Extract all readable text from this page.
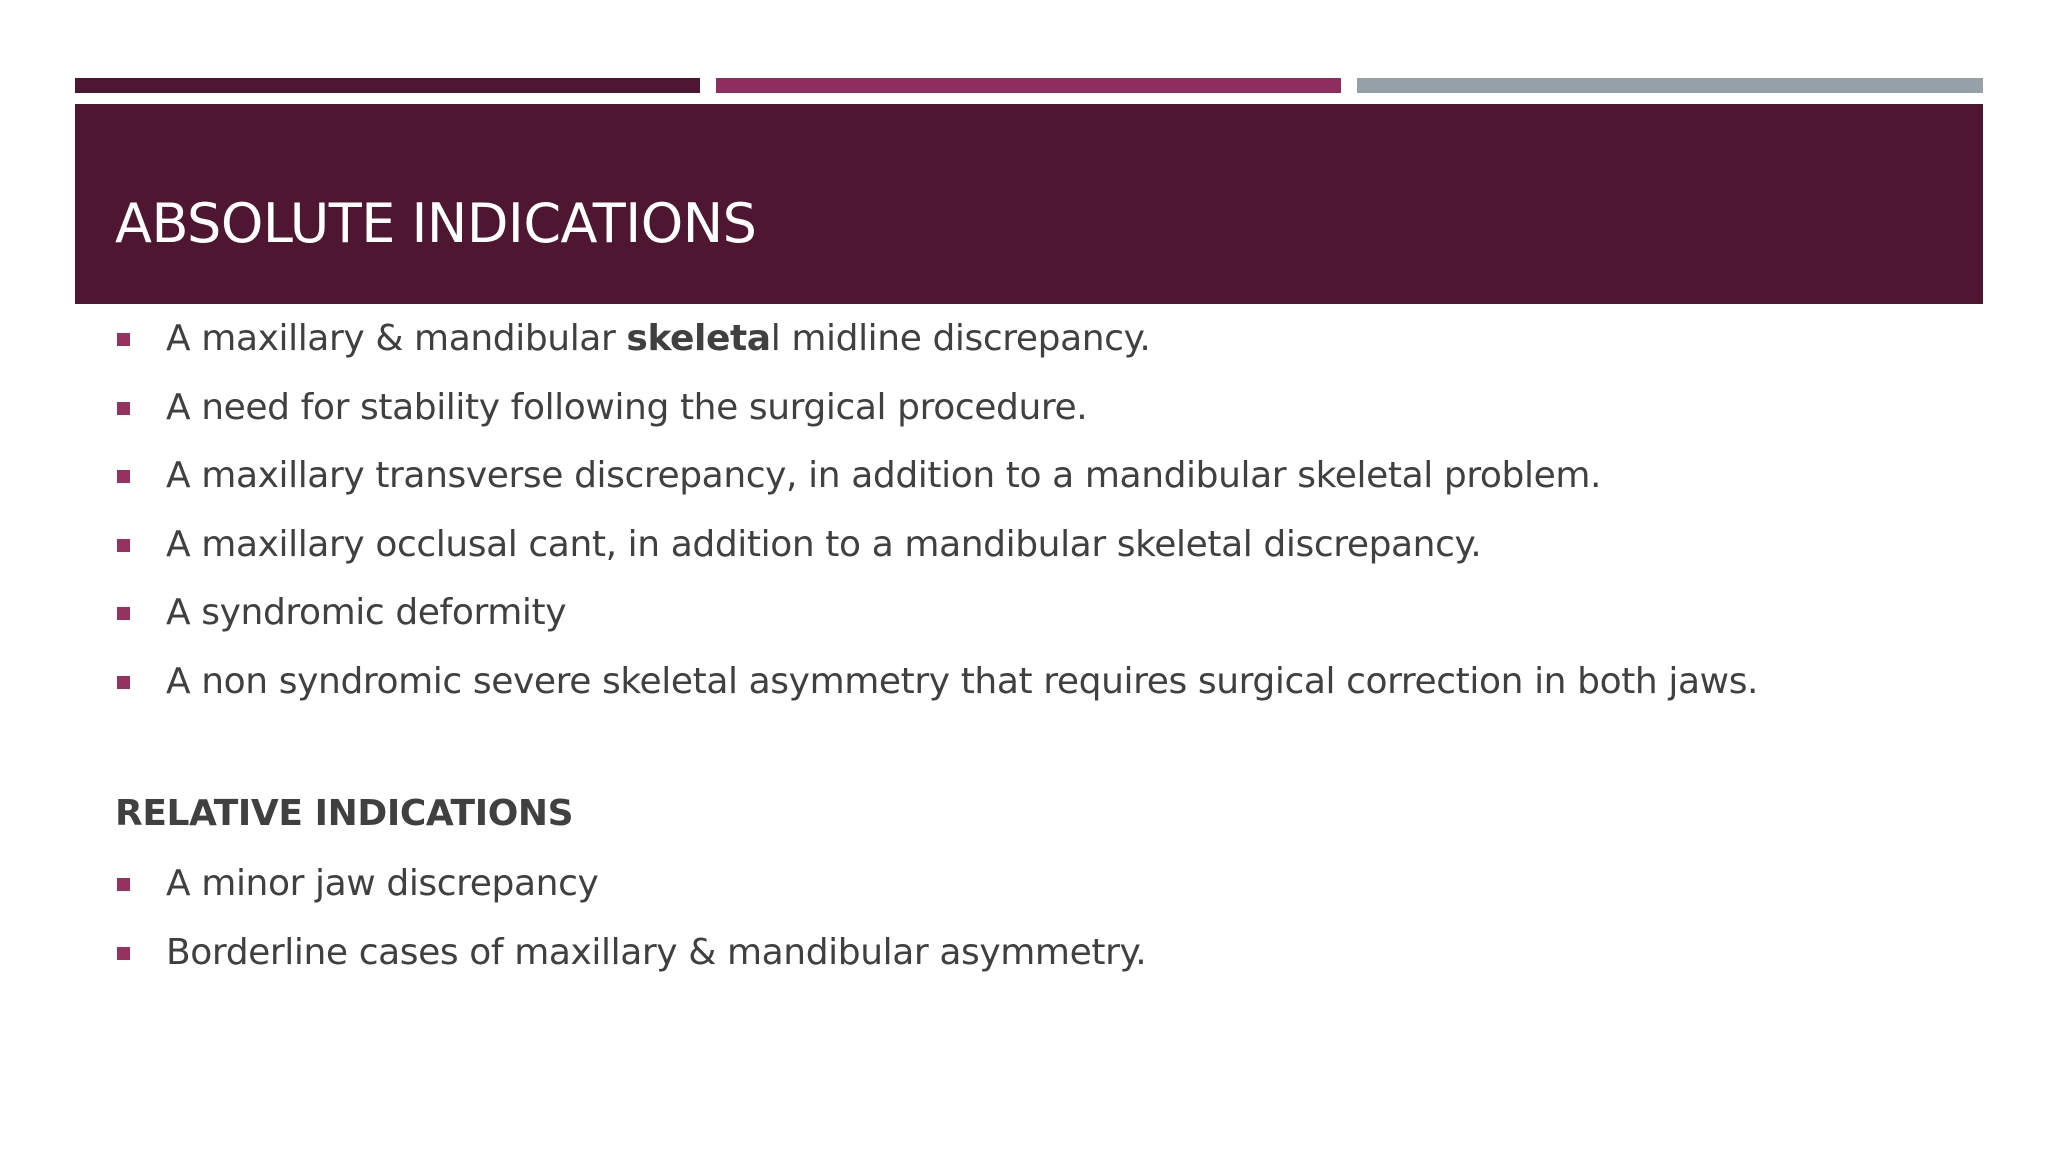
ABSOLUTE INDICATIONS
A maxillary & mandibular skeletal midline discrepancy.
A need for stability following the surgical procedure.
A maxillary transverse discrepancy, in addition to a mandibular skeletal problem.
A maxillary occlusal cant, in addition to a mandibular skeletal discrepancy.
A syndromic deformity
A non syndromic severe skeletal asymmetry that requires surgical correction in both jaws.
RELATIVE INDICATIONS
A minor jaw discrepancy
Borderline cases of maxillary & mandibular asymmetry.
